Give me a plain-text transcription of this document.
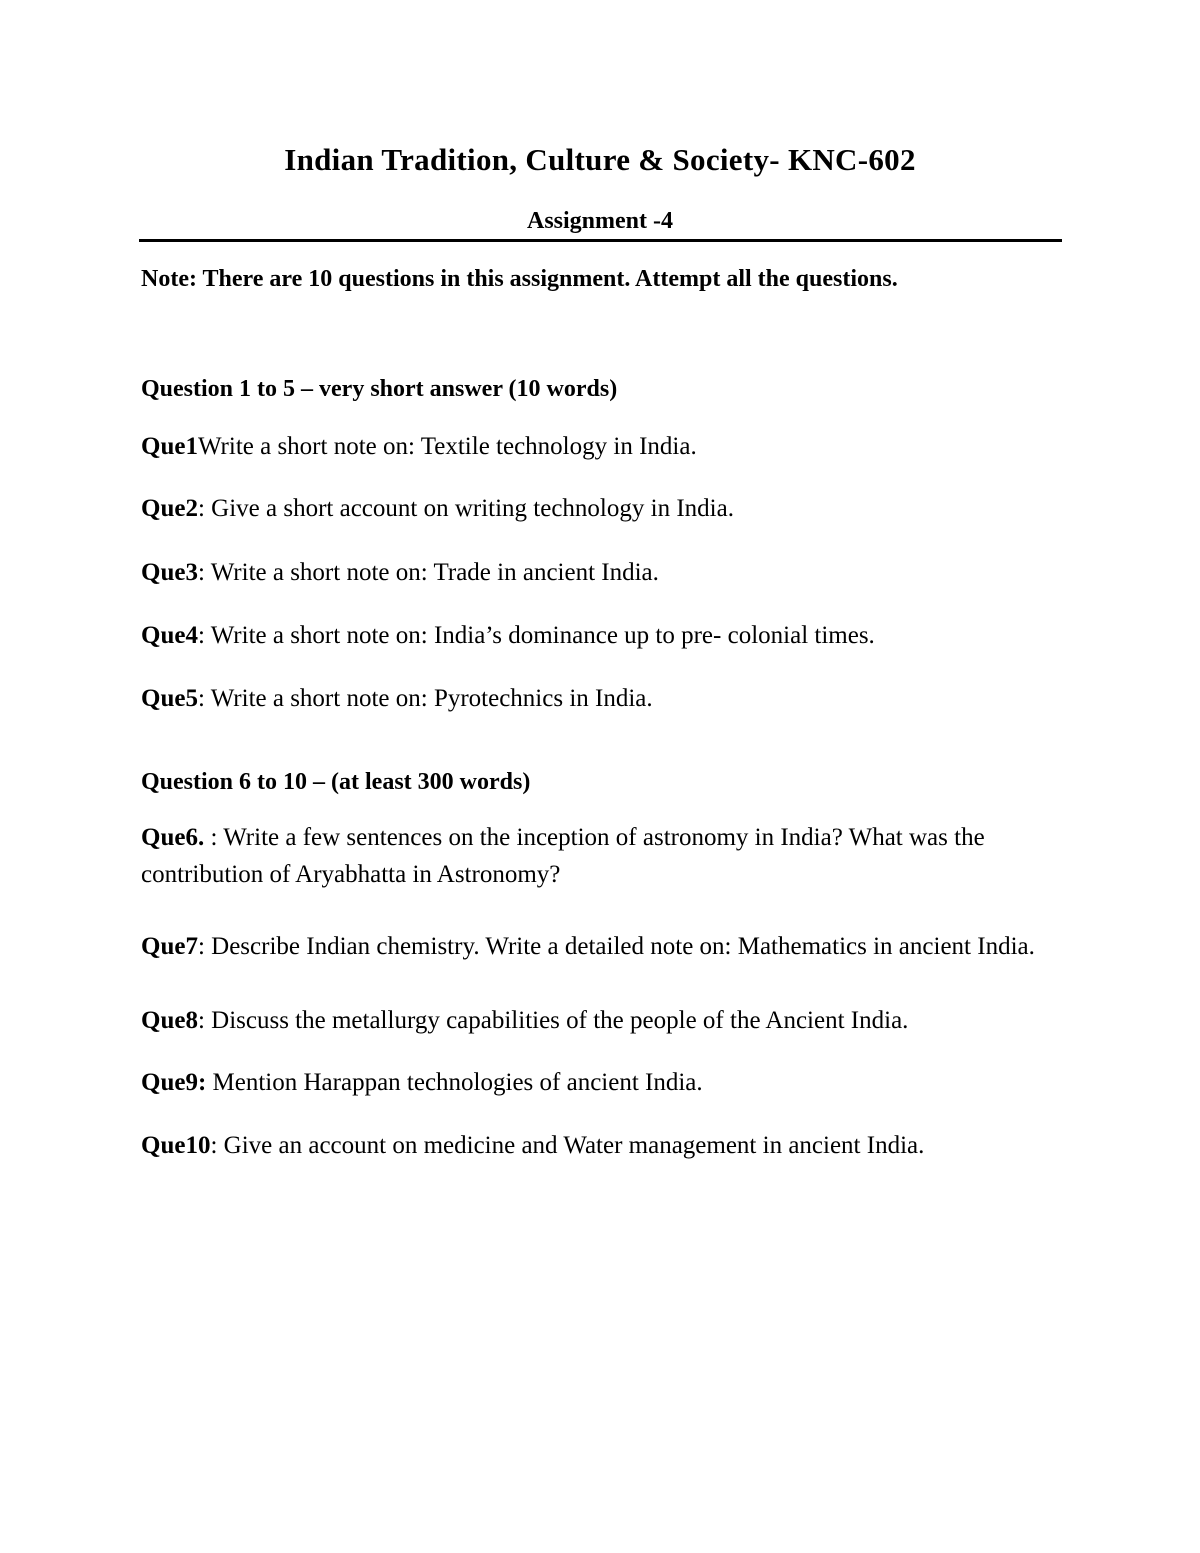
Indian Tradition, Culture & Society- KNC-602
Assignment -4
Note: There are 10 questions in this assignment. Attempt all the questions.
Question 1 to 5 – very short answer (10 words)
Que1Write a short note on: Textile technology in India.
Que2: Give a short account on writing technology in India.
Que3: Write a short note on: Trade in ancient India.
Que4: Write a short note on: India’s dominance up to pre- colonial times.
Que5: Write a short note on: Pyrotechnics in India.
Question 6 to 10 – (at least 300 words)
Que6. : Write a few sentences on the inception of astronomy in India? What was the contribution of Aryabhatta in Astronomy?
Que7: Describe Indian chemistry. Write a detailed note on: Mathematics in ancient India.
Que8: Discuss the metallurgy capabilities of the people of the Ancient India.
Que9: Mention Harappan technologies of ancient India.
Que10: Give an account on medicine and Water management in ancient India.
